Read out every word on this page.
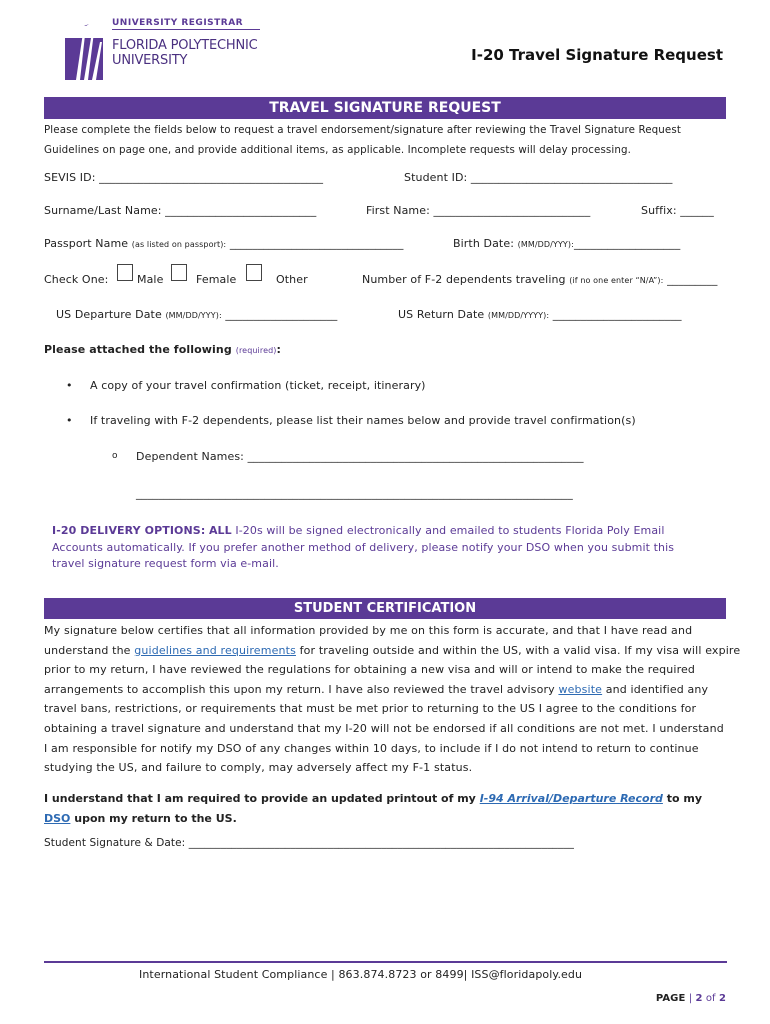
UNIVERSITY REGISTRAR
FLORIDA POLYTECHNIC
UNIVERSITY	I-20 Travel Signature Request
TRAVEL SIGNATURE REQUEST
Please complete the fields below to request a travel endorsement/signature after reviewing the Travel Signature Request
Guidelines on page one, and provide additional items, as applicable. Incomplete requests will delay processing.
SEVIS ID: ________________________________________	Student ID: ____________________________________
Surname/Last Name: ___________________________	First Name: ____________________________	Suffix: ______
Passport Name (as listed on passport): _______________________________	Birth Date: (MM/DD/YYY):___________________
Check One:	Male	Female	Other	Number of F-2 dependents traveling (if no one enter “N/A”): _________
US Departure Date (MM/DD/YYY): ____________________	US Return Date (MM/DD/YYYY): _______________________
Please attached the following (required):
• A copy of your travel confirmation (ticket, receipt, itinerary)
• If traveling with F-2 dependents, please list their names below and provide travel confirmation(s)
o Dependent Names: ____________________________________________________________
______________________________________________________________________________
I-20 DELIVERY OPTIONS: ALL I-20s will be signed electronically and emailed to students Florida Poly Email
Accounts automatically. If you prefer another method of delivery, please notify your DSO when you submit this
travel signature request form via e-mail.
STUDENT CERTIFICATION
My signature below certifies that all information provided by me on this form is accurate, and that I have read and
understand the guidelines and requirements for traveling outside and within the US, with a valid visa. If my visa will expire
prior to my return, I have reviewed the regulations for obtaining a new visa and will or intend to make the required
arrangements to accomplish this upon my return. I have also reviewed the travel advisory website and identified any
travel bans, restrictions, or requirements that must be met prior to returning to the US I agree to the conditions for
obtaining a travel signature and understand that my I-20 will not be endorsed if all conditions are not met. I understand
I am responsible for notify my DSO of any changes within 10 days, to include if I do not intend to return to continue
studying the US, and failure to comply, may adversely affect my F-1 status.
I understand that I am required to provide an updated printout of my I-94 Arrival/Departure Record to my
DSO upon my return to the US.
Student Signature & Date: ________________________________________________________________________
International Student Compliance | 863.874.8723 or 8499| ISS@floridapoly.edu
PAGE | 2 of 2
